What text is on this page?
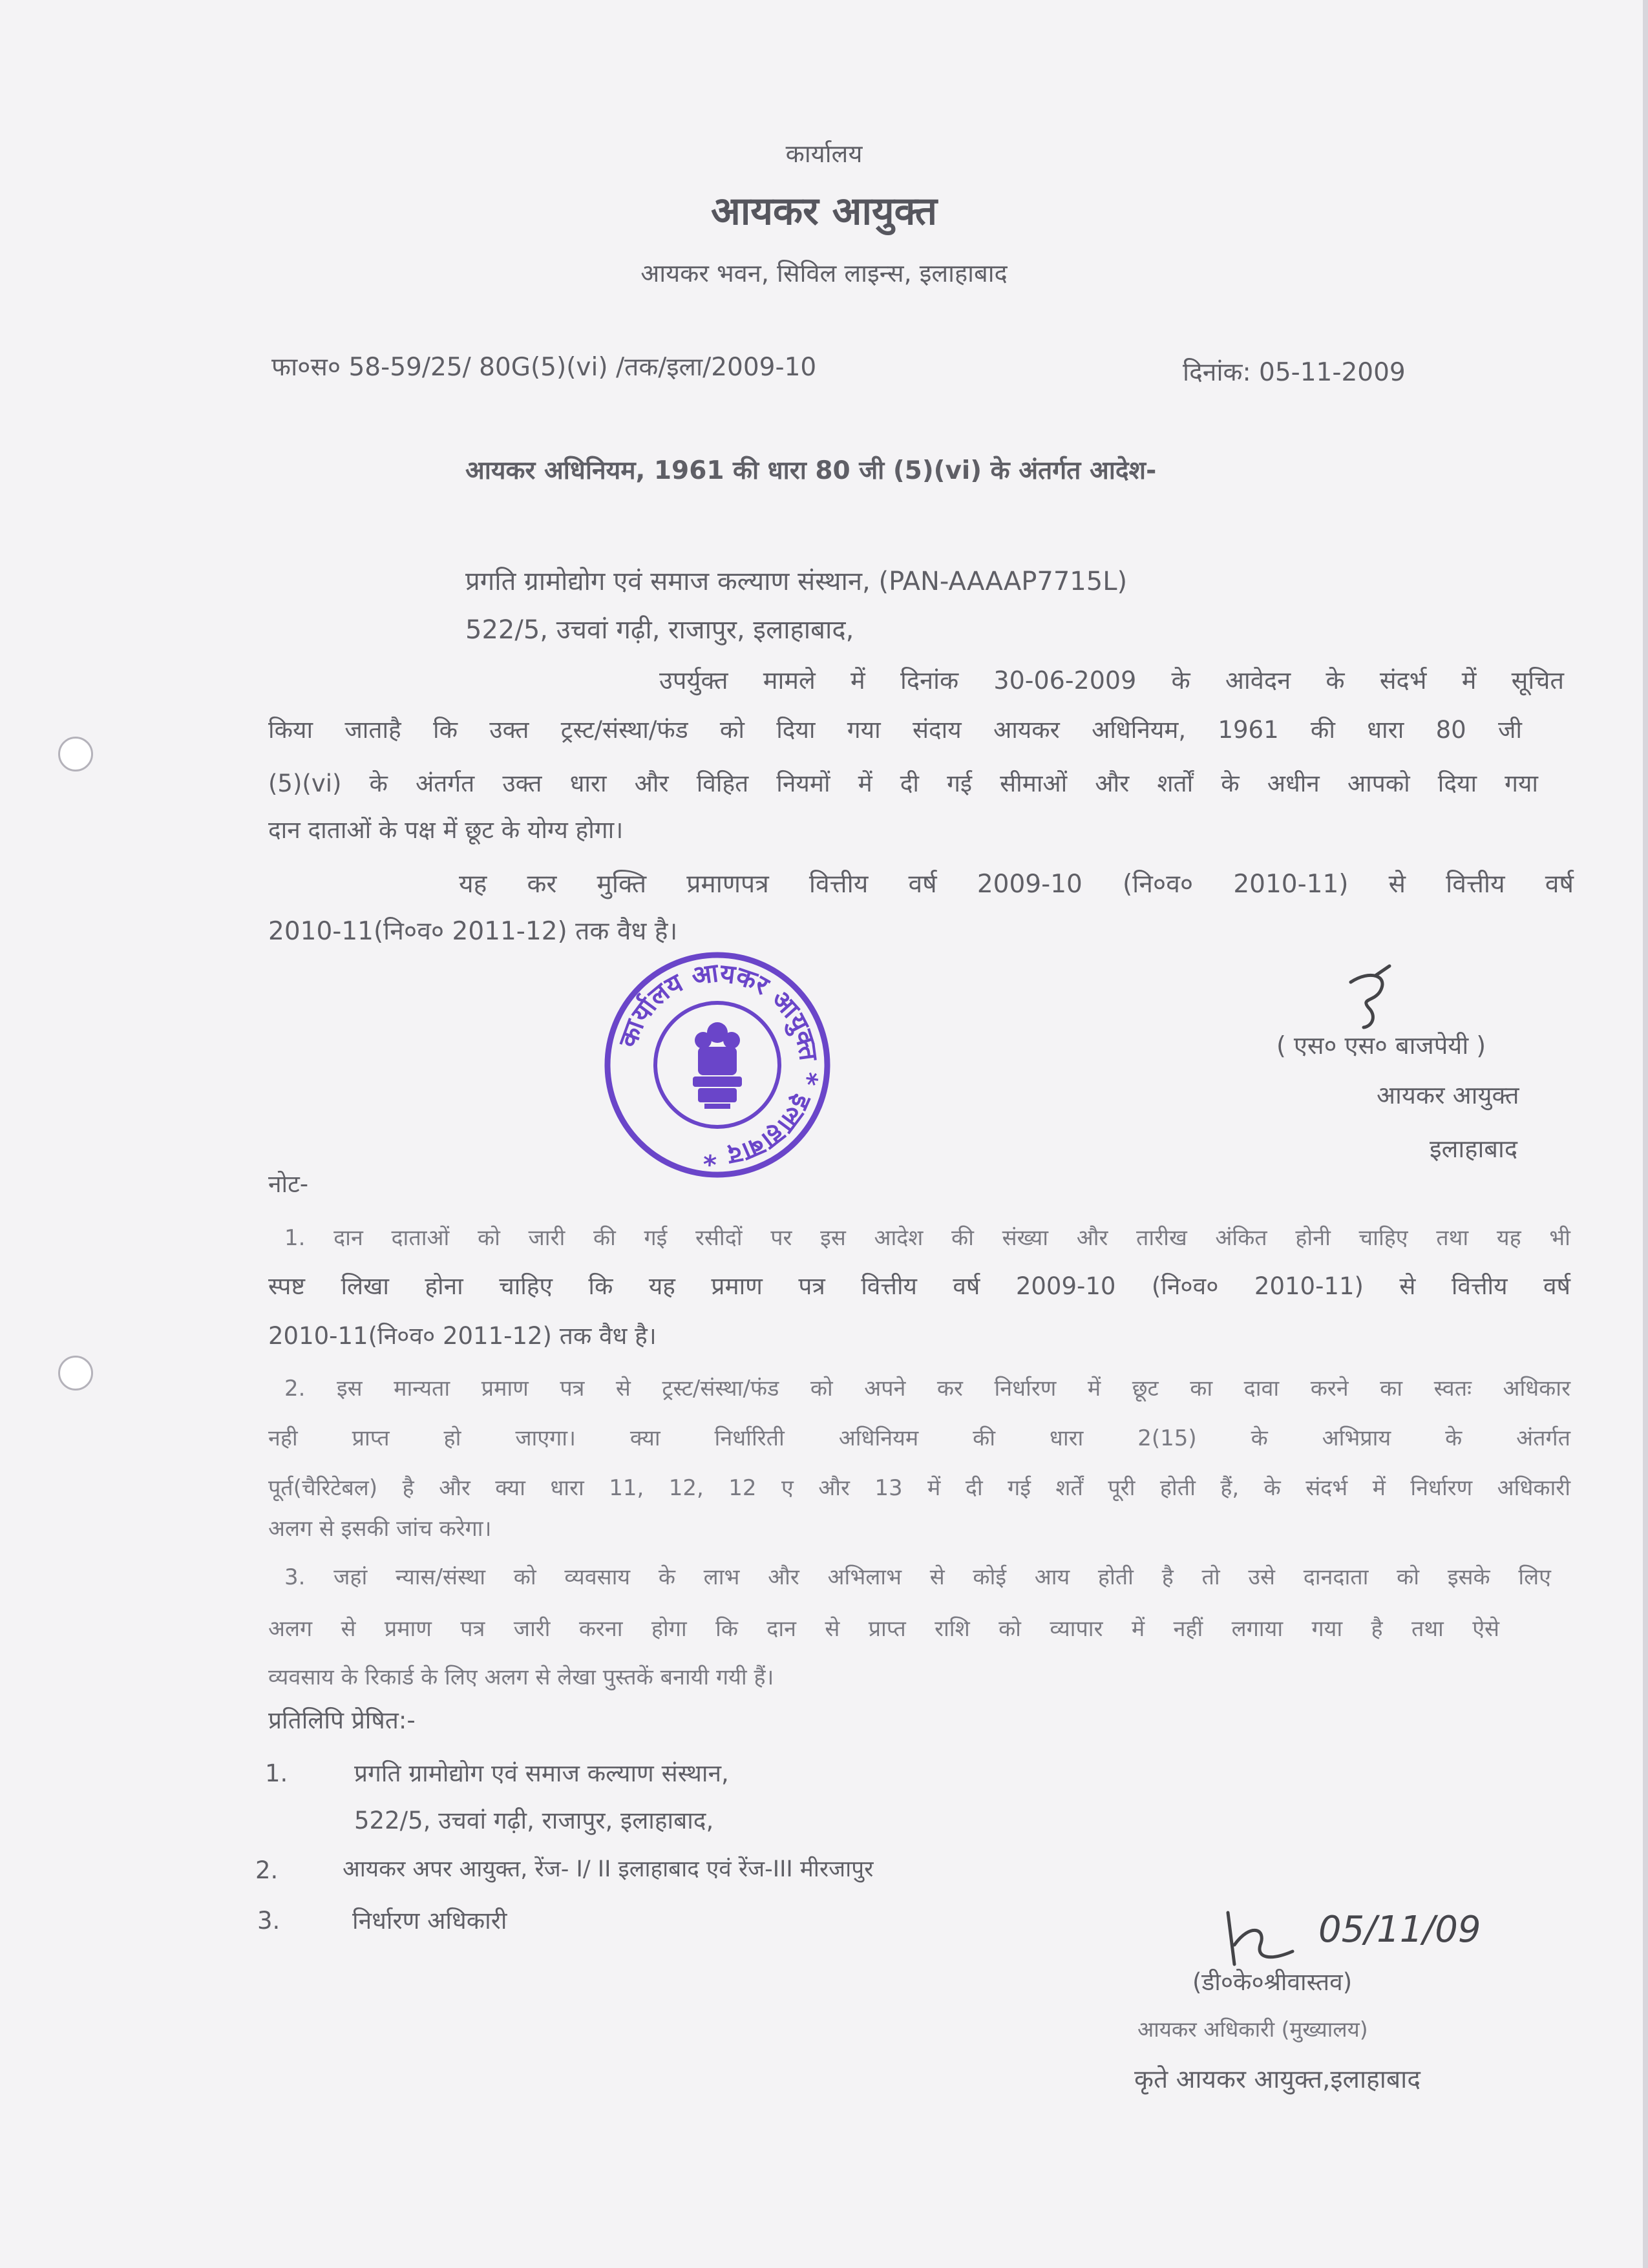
कार्यालय
आयकर आयुक्त
आयकर भवन, सिविल लाइन्स, इलाहाबाद
फा०स० 58-59/25/ 80G(5)(vi) /तक/इला/2009-10	दिनांक: 05-11-2009
आयकर अधिनियम, 1961 की धारा 80 जी (5)(vi) के अंतर्गत आदेश-
प्रगति ग्रामोद्योग एवं समाज कल्याण संस्थान, (PAN-AAAAP7715L)
522/5, उचवां गढ़ी, राजापुर, इलाहाबाद,
उपर्युक्त मामले में दिनांक 30-06-2009 के आवेदन के संदर्भ में सूचित
किया जाताहै कि उक्त ट्रस्ट/संस्था/फंड को दिया गया संदाय आयकर अधिनियम, 1961 की धारा 80 जी
(5)(vi) के अंतर्गत उक्त धारा और विहित नियमों में दी गई सीमाओं और शर्तों के अधीन आपको दिया गया
दान दाताओं के पक्ष में छूट के योग्य होगा।
यह कर मुक्ति प्रमाणपत्र वित्तीय वर्ष 2009-10 (नि०व० 2010-11) से वित्तीय वर्ष
2010-11(नि०व० 2011-12) तक वैध है।
कार्यालय आयकर आयुक्त * इलाहाबाद *
( एस० एस० बाजपेयी )
आयकर आयुक्त
इलाहाबाद
नोट-
1. दान दाताओं को जारी की गई रसीदों पर इस आदेश की संख्या और तारीख अंकित होनी चाहिए तथा यह भी
स्पष्ट लिखा होना चाहिए कि यह प्रमाण पत्र वित्तीय वर्ष 2009-10 (नि०व० 2010-11) से वित्तीय वर्ष
2010-11(नि०व० 2011-12) तक वैध है।
2. इस मान्यता प्रमाण पत्र से ट्रस्ट/संस्था/फंड को अपने कर निर्धारण में छूट का दावा करने का स्वतः अधिकार
नही प्राप्त हो जाएगा। क्या निर्धारिती अधिनियम की धारा 2(15) के अभिप्राय के अंतर्गत
पूर्त(चैरिटेबल) है और क्या धारा 11, 12, 12 ए और 13 में दी गई शर्तें पूरी होती हैं, के संदर्भ में निर्धारण अधिकारी
अलग से इसकी जांच करेगा।
3. जहां न्यास/संस्था को व्यवसाय के लाभ और अभिलाभ से कोई आय होती है तो उसे दानदाता को इसके लिए
अलग से प्रमाण पत्र जारी करना होगा कि दान से प्राप्त राशि को व्यापार में नहीं लगाया गया है तथा ऐसे
व्यवसाय के रिकार्ड के लिए अलग से लेखा पुस्तकें बनायी गयी हैं।
प्रतिलिपि प्रेषित:-
1.	प्रगति ग्रामोद्योग एवं समाज कल्याण संस्थान,
522/5, उचवां गढ़ी, राजापुर, इलाहाबाद,
2.	आयकर अपर आयुक्त, रेंज- I/ II इलाहाबाद एवं रेंज-III मीरजापुर
3.	निर्धारण अधिकारी	05/11/09
(डी०के०श्रीवास्तव)
आयकर अधिकारी (मुख्यालय)
कृते आयकर आयुक्त,इलाहाबाद
